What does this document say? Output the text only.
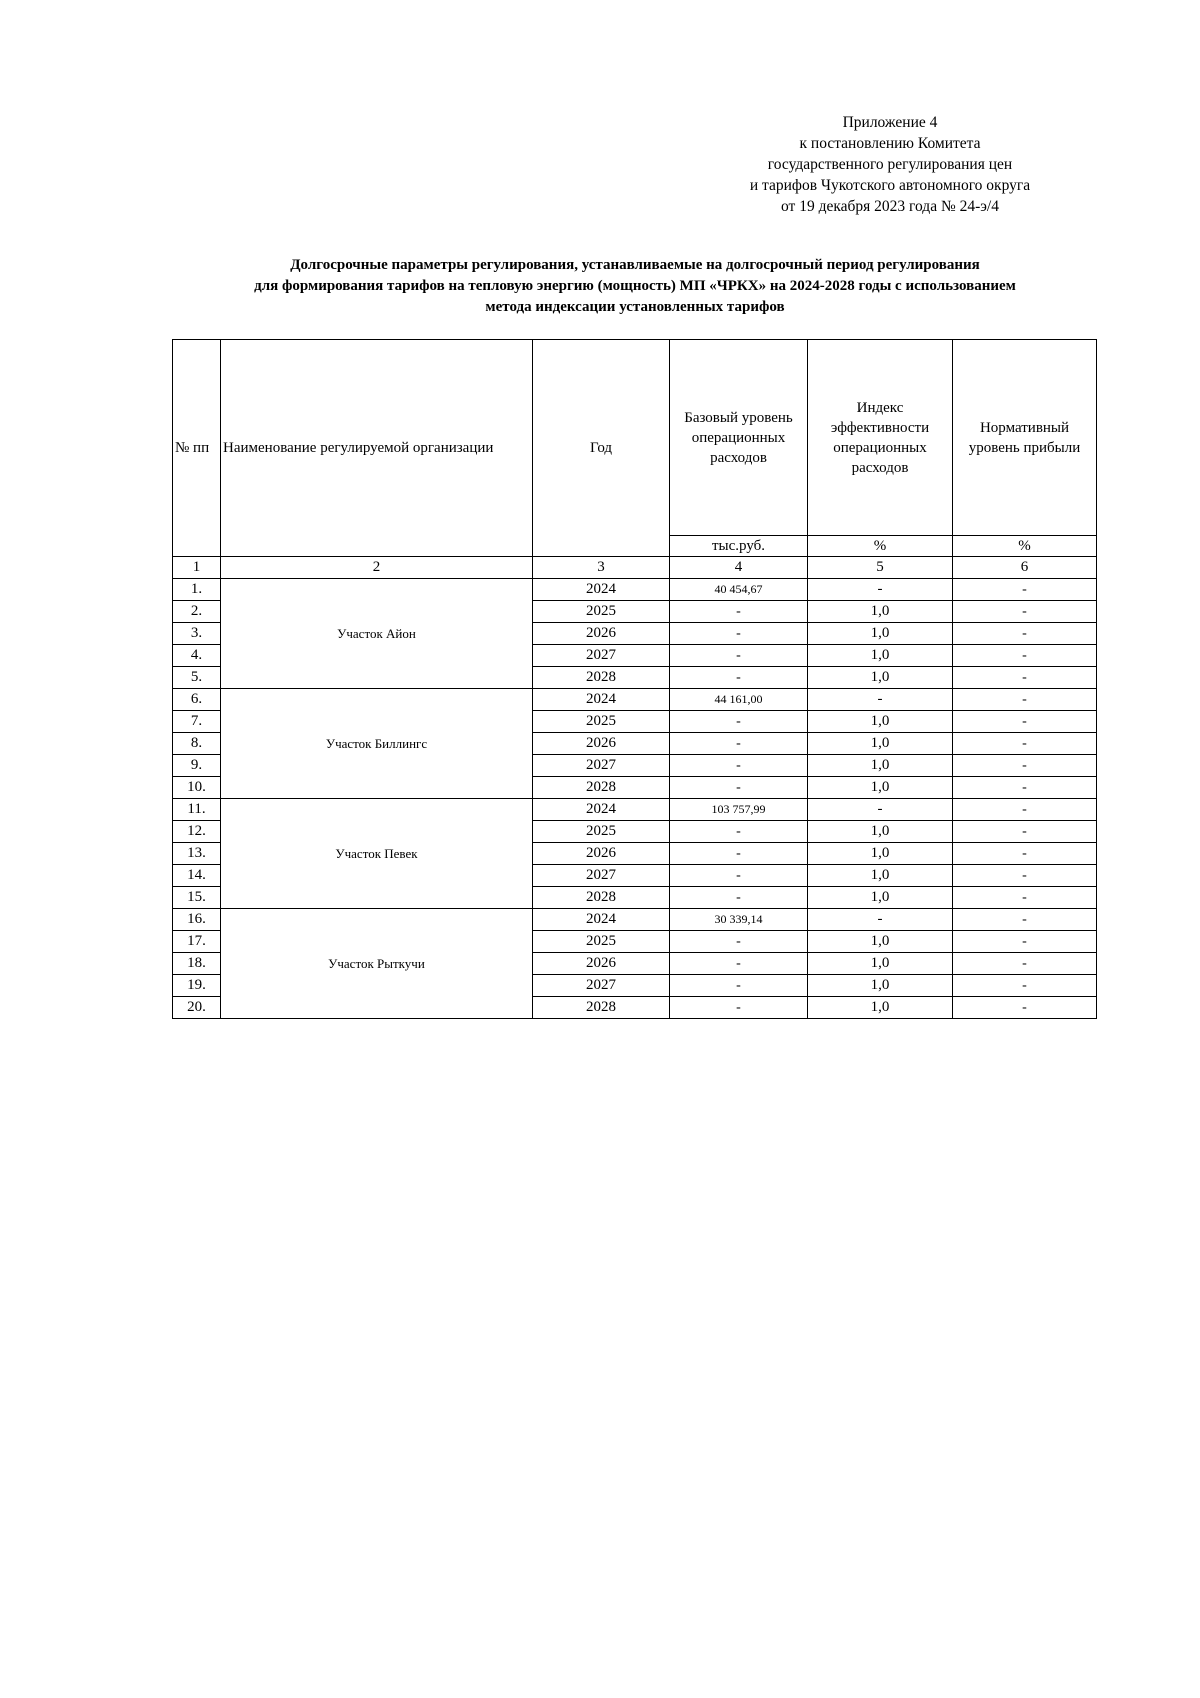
Приложение 4
к постановлению Комитета
государственного регулирования цен
и тарифов Чукотского автономного округа
от 19 декабря 2023 года № 24-э/4
Долгосрочные параметры регулирования, устанавливаемые на долгосрочный период регулирования
для формирования тарифов на тепловую энергию (мощность) МП «ЧРКХ» на 2024-2028 годы с использованием
метода индексации установленных тарифов
№ пп	Наименование регулируемой организации	Год	Базовый уровень операционных расходов	Индекс эффективности операционных расходов	Нормативный уровень прибыли
			тыс.руб.	%	%
1	2	3	4	5	6
1.	Участок Айон	2024	40 454,67	-	-
2.		2025	-	1,0	-
3.		2026	-	1,0	-
4.		2027	-	1,0	-
5.		2028	-	1,0	-
6.	Участок Биллингс	2024	44 161,00	-	-
7.		2025	-	1,0	-
8.		2026	-	1,0	-
9.		2027	-	1,0	-
10.		2028	-	1,0	-
11.	Участок Певек	2024	103 757,99	-	-
12.		2025	-	1,0	-
13.		2026	-	1,0	-
14.		2027	-	1,0	-
15.		2028	-	1,0	-
16.	Участок Рыткучи	2024	30 339,14	-	-
17.		2025	-	1,0	-
18.		2026	-	1,0	-
19.		2027	-	1,0	-
20.		2028	-	1,0	-
